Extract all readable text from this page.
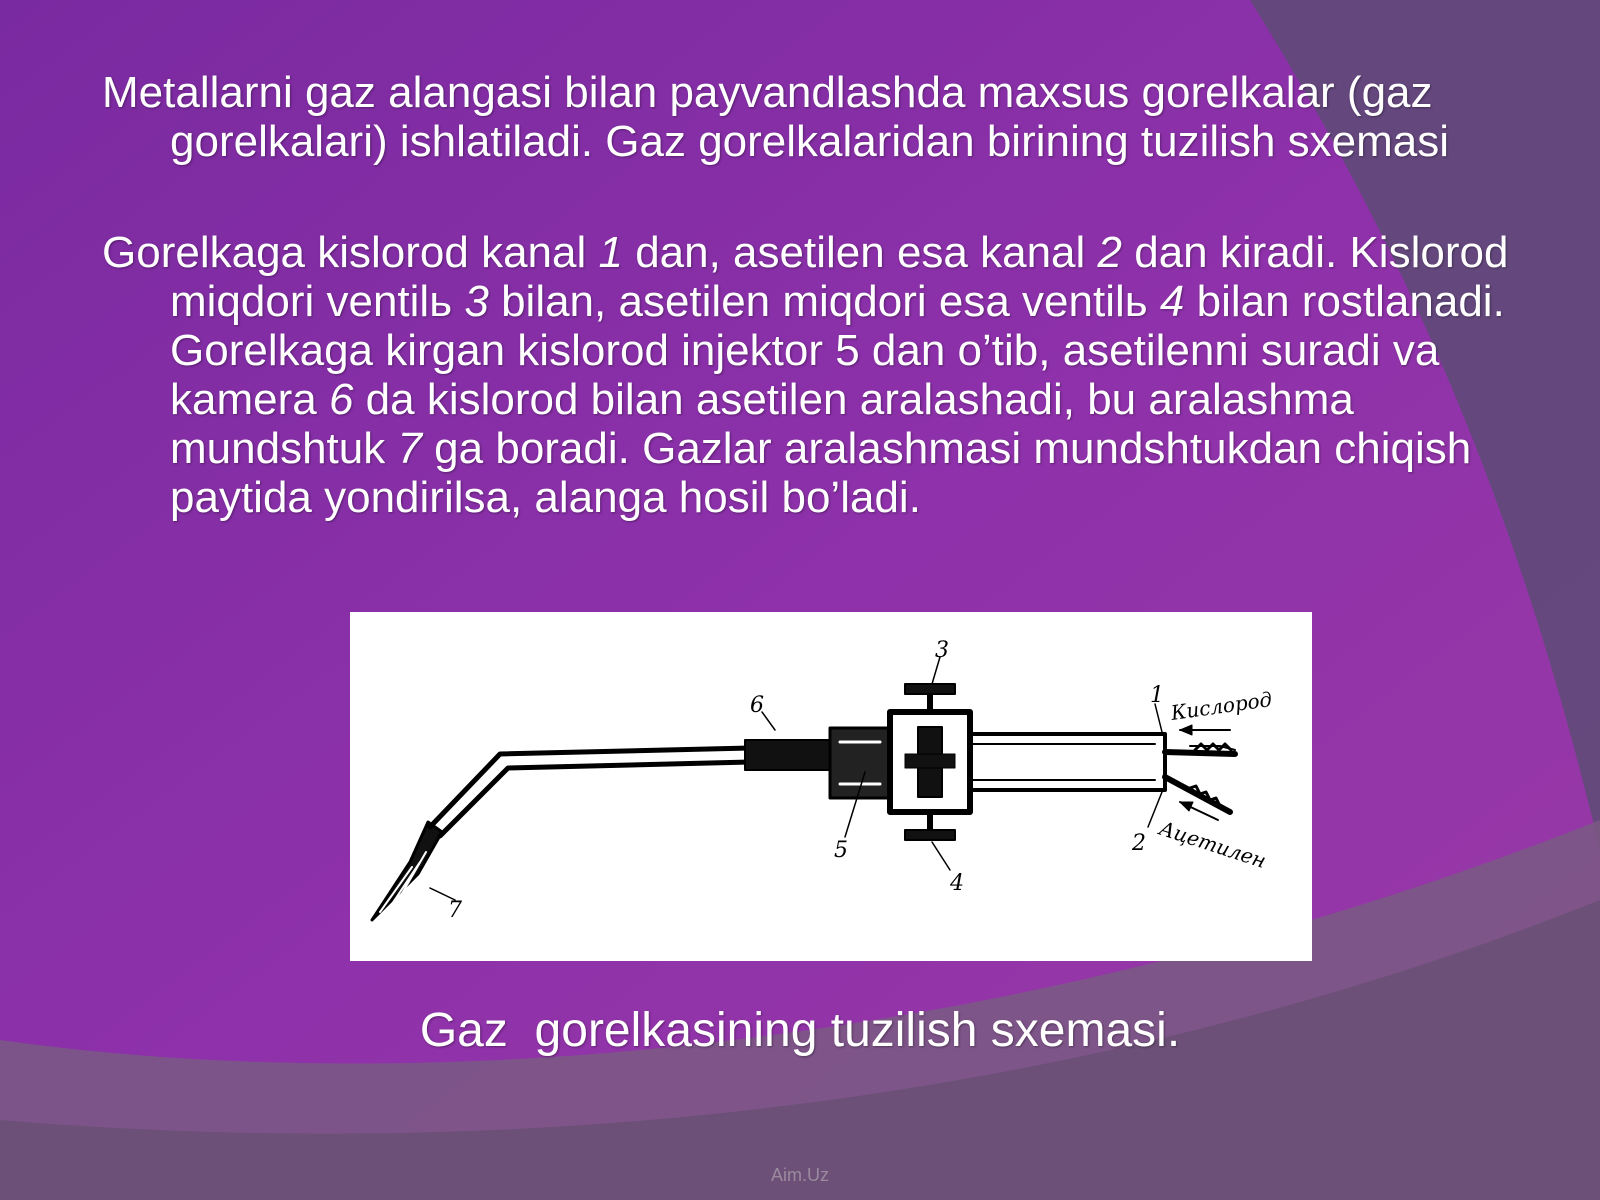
Metallarni gaz alangasi bilan payvandlashda maxsus gorelkalar (gaz gorelkalari) ishlatiladi. Gaz gorelkalaridan birining tuzilish sxemasi
Gorelkaga kislorod kanal 1 dan, asetilen esa kanal 2 dan kiradi. Kislorod miqdori ventilь 3 bilan, asetilen miqdori esa ventilь 4 bilan rostlanadi. Gorelkaga kirgan kislorod injektor 5 dan o’tib, asetilenni suradi va kamera 6 da kislorod bilan asetilen aralashadi, bu aralashma mundshtuk 7 ga boradi. Gazlar aralashmasi mundshtukdan chiqish paytida yondirilsa, alanga hosil bo’ladi.
7
6
5
3
4
1
2
Кислород
Ацетилен
Gaz  gorelkasining tuzilish sxemasi.
Aim.Uz
